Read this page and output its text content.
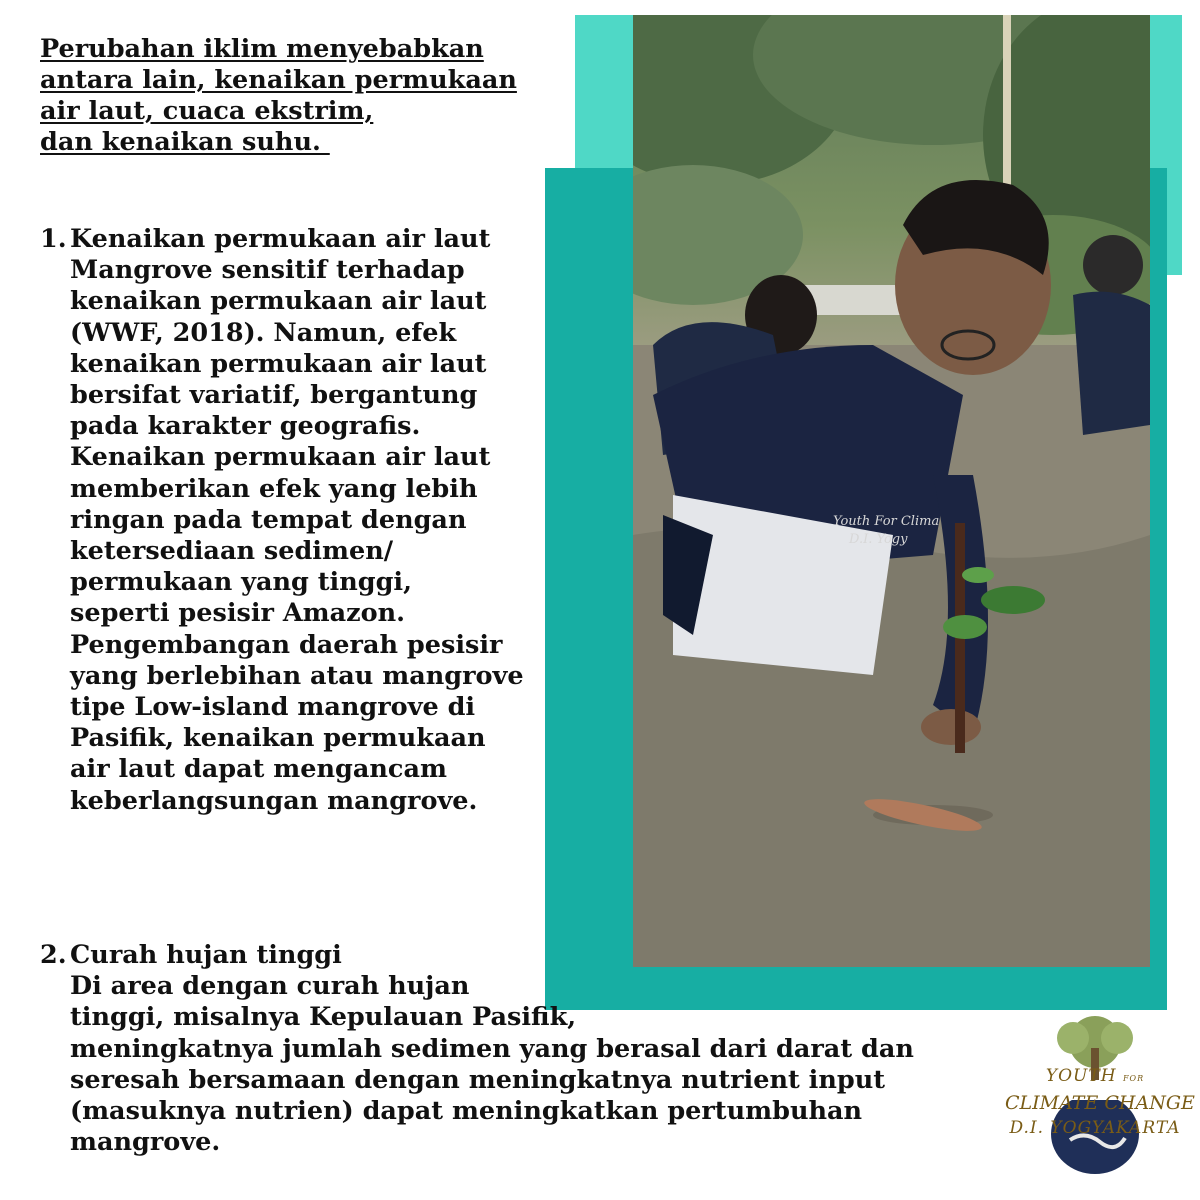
Youth For Clima
D.I. Yogy
Perubahan iklim menyebabkan
antara lain, kenaikan permukaan
air laut, cuaca ekstrim,
dan kenaikan suhu.
1. Kenaikan permukaan air laut
Mangrove sensitif terhadap
kenaikan permukaan air laut
(WWF, 2018). Namun, efek
kenaikan permukaan air laut
bersifat variatif, bergantung
pada karakter geografis.
Kenaikan permukaan air laut
memberikan efek yang lebih
ringan pada tempat dengan
ketersediaan sedimen/
permukaan yang tinggi,
seperti pesisir Amazon.
Pengembangan daerah pesisir
yang berlebihan atau mangrove
tipe Low-island mangrove di
Pasifik, kenaikan permukaan
air laut dapat mengancam
keberlangsungan mangrove.
2. Curah hujan tinggi
Di area dengan curah hujan
tinggi, misalnya Kepulauan Pasifik,
meningkatnya jumlah sedimen yang berasal dari darat dan
seresah bersamaan dengan meningkatnya nutrient input
(masuknya nutrien) dapat meningkatkan pertumbuhan
mangrove.
YOUTH FOR
CLIMATE CHANGE
D.I. YOGYAKARTA
